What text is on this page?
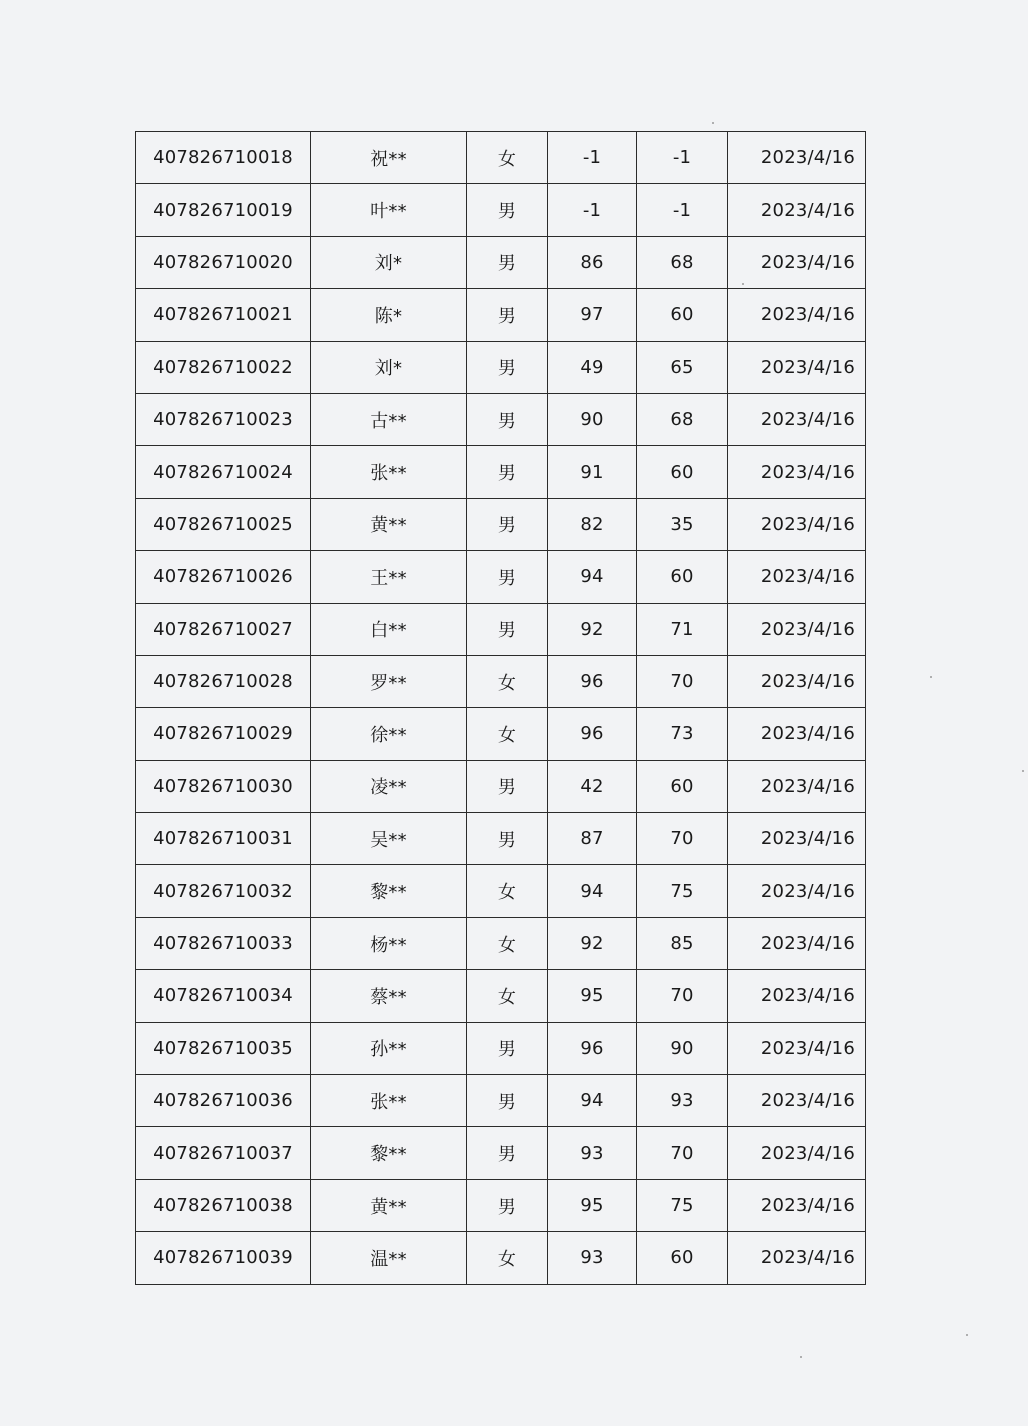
407826710018	祝**	女	-1	-1	2023/4/16
407826710019	叶**	男	-1	-1	2023/4/16
407826710020	刘*	男	86	68	2023/4/16
407826710021	陈*	男	97	60	2023/4/16
407826710022	刘*	男	49	65	2023/4/16
407826710023	古**	男	90	68	2023/4/16
407826710024	张**	男	91	60	2023/4/16
407826710025	黄**	男	82	35	2023/4/16
407826710026	王**	男	94	60	2023/4/16
407826710027	白**	男	92	71	2023/4/16
407826710028	罗**	女	96	70	2023/4/16
407826710029	徐**	女	96	73	2023/4/16
407826710030	凌**	男	42	60	2023/4/16
407826710031	吴**	男	87	70	2023/4/16
407826710032	黎**	女	94	75	2023/4/16
407826710033	杨**	女	92	85	2023/4/16
407826710034	蔡**	女	95	70	2023/4/16
407826710035	孙**	男	96	90	2023/4/16
407826710036	张**	男	94	93	2023/4/16
407826710037	黎**	男	93	70	2023/4/16
407826710038	黄**	男	95	75	2023/4/16
407826710039	温**	女	93	60	2023/4/16
